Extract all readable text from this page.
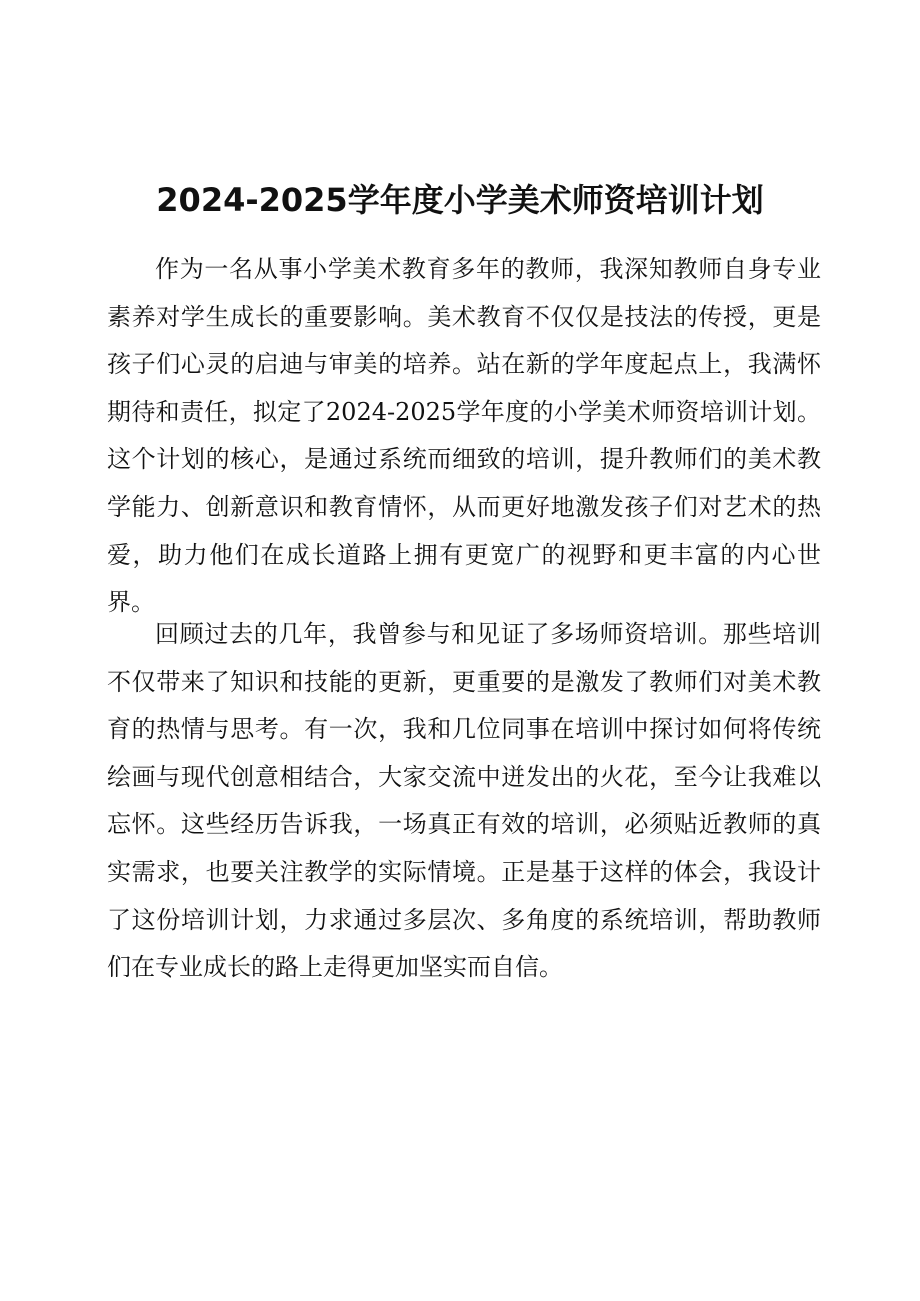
2024-2025学年度小学美术师资培训计划

作为一名从事小学美术教育多年的教师，我深知教师自身专业素养对学生成长的重要影响。美术教育不仅仅是技法的传授，更是孩子们心灵的启迪与审美的培养。站在新的学年度起点上，我满怀期待和责任，拟定了2024-2025学年度的小学美术师资培训计划。这个计划的核心，是通过系统而细致的培训，提升教师们的美术教学能力、创新意识和教育情怀，从而更好地激发孩子们对艺术的热爱，助力他们在成长道路上拥有更宽广的视野和更丰富的内心世界。

回顾过去的几年，我曾参与和见证了多场师资培训。那些培训不仅带来了知识和技能的更新，更重要的是激发了教师们对美术教育的热情与思考。有一次，我和几位同事在培训中探讨如何将传统绘画与现代创意相结合，大家交流中迸发出的火花，至今让我难以忘怀。这些经历告诉我，一场真正有效的培训，必须贴近教师的真实需求，也要关注教学的实际情境。正是基于这样的体会，我设计了这份培训计划，力求通过多层次、多角度的系统培训，帮助教师们在专业成长的路上走得更加坚实而自信。
